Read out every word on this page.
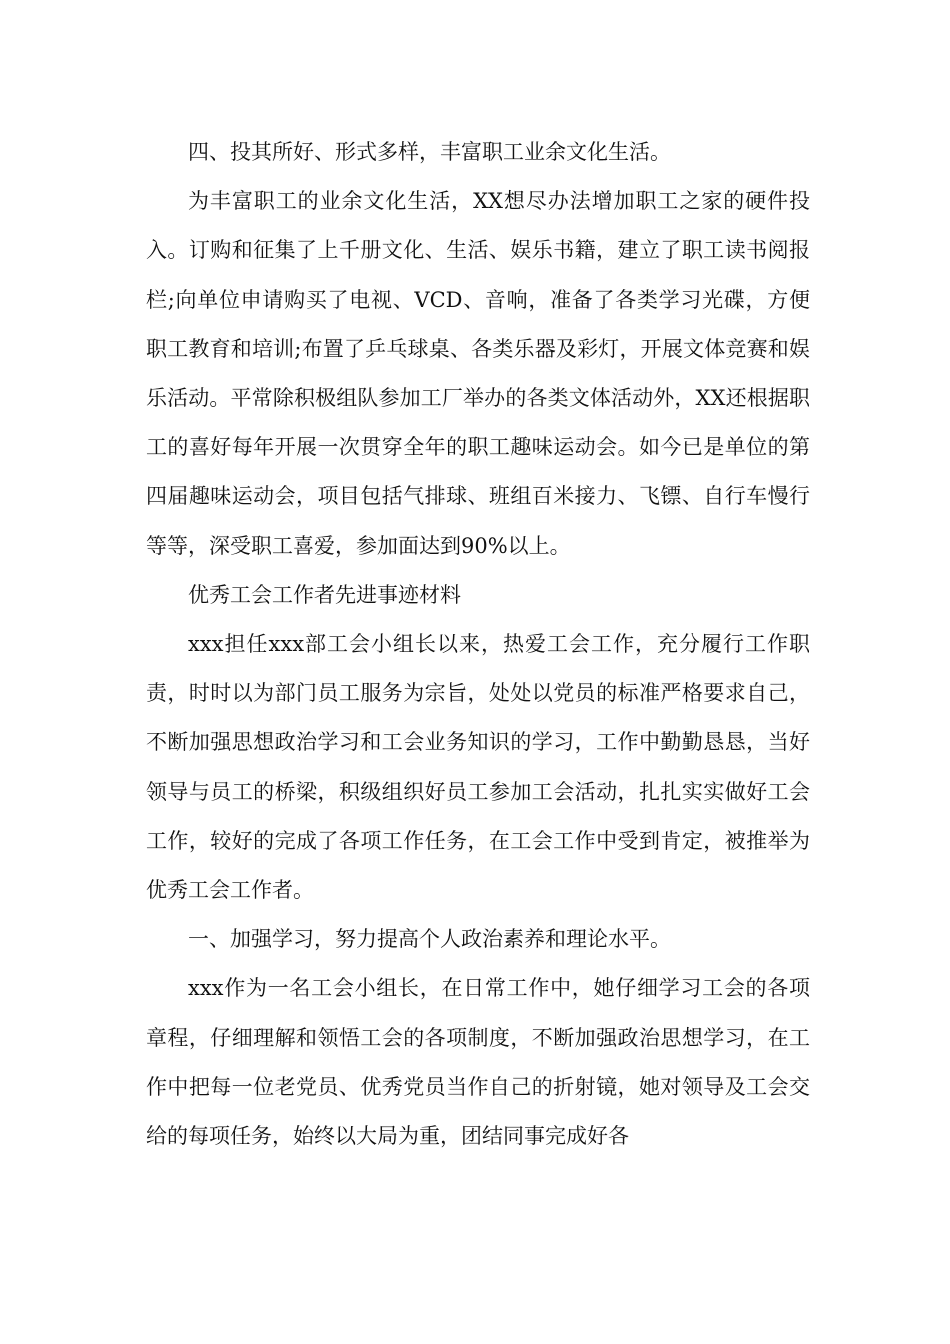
四、投其所好、形式多样，丰富职工业余文化生活。

为丰富职工的业余文化生活，XX想尽办法增加职工之家的硬件投入。订购和征集了上千册文化、生活、娱乐书籍，建立了职工读书阅报栏;向单位申请购买了电视、VCD、音响，准备了各类学习光碟，方便职工教育和培训;布置了乒乓球桌、各类乐器及彩灯，开展文体竞赛和娱乐活动。平常除积极组队参加工厂举办的各类文体活动外，XX还根据职工的喜好每年开展一次贯穿全年的职工趣味运动会。如今已是单位的第四届趣味运动会，项目包括气排球、班组百米接力、飞镖、自行车慢行等等，深受职工喜爱，参加面达到90%以上。

优秀工会工作者先进事迹材料

xxx担任xxx部工会小组长以来，热爱工会工作，充分履行工作职责，时时以为部门员工服务为宗旨，处处以党员的标准严格要求自己，不断加强思想政治学习和工会业务知识的学习，工作中勤勤恳恳，当好领导与员工的桥梁，积级组织好员工参加工会活动，扎扎实实做好工会工作，较好的完成了各项工作任务，在工会工作中受到肯定，被推举为优秀工会工作者。

一、加强学习，努力提高个人政治素养和理论水平。

xxx作为一名工会小组长，在日常工作中，她仔细学习工会的各项章程，仔细理解和领悟工会的各项制度，不断加强政治思想学习，在工作中把每一位老党员、优秀党员当作自己的折射镜，她对领导及工会交给的每项任务，始终以大局为重，团结同事完成好各
